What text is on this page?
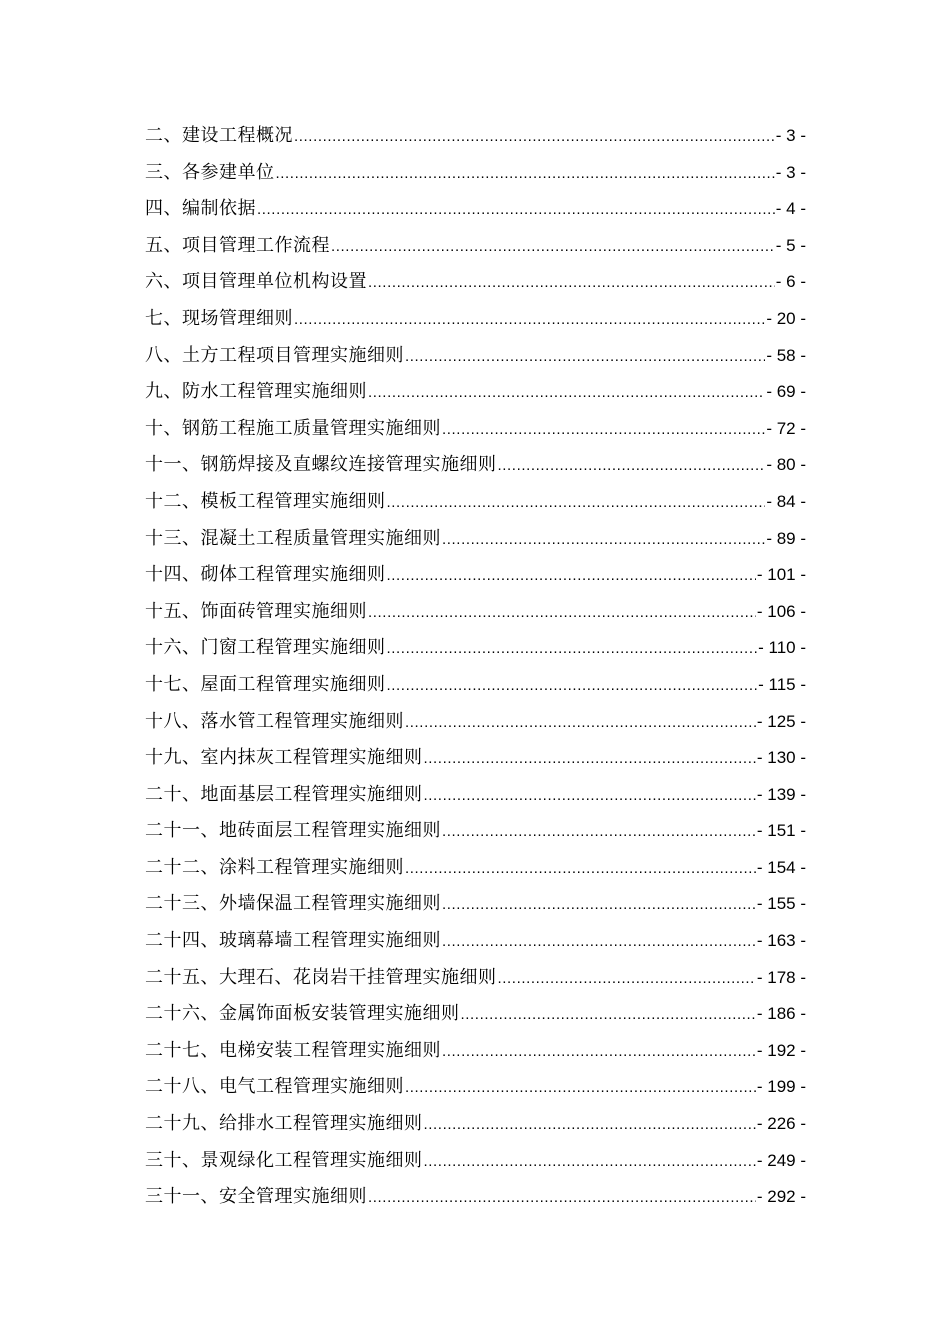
二、建设工程概况 .....	- 3 -
三、各参建单位 .....	- 3 -
四、编制依据 .....	- 4 -
五、项目管理工作流程 .....	- 5 -
六、项目管理单位机构设置 .....	- 6 -
七、现场管理细则 .....	- 20 -
八、土方工程项目管理实施细则 .....	- 58 -
九、防水工程管理实施细则 .....	- 69 -
十、钢筋工程施工质量管理实施细则 .....	- 72 -
十一、钢筋焊接及直螺纹连接管理实施细则 .....	- 80 -
十二、模板工程管理实施细则 .....	- 84 -
十三、混凝土工程质量管理实施细则 .....	- 89 -
十四、砌体工程管理实施细则 .....	- 101 -
十五、饰面砖管理实施细则 .....	- 106 -
十六、门窗工程管理实施细则 .....	- 110 -
十七、屋面工程管理实施细则 .....	- 115 -
十八、落水管工程管理实施细则 .....	- 125 -
十九、室内抹灰工程管理实施细则 .....	- 130 -
二十、地面基层工程管理实施细则 .....	- 139 -
二十一、地砖面层工程管理实施细则 .....	- 151 -
二十二、涂料工程管理实施细则 .....	- 154 -
二十三、外墙保温工程管理实施细则 .....	- 155 -
二十四、玻璃幕墙工程管理实施细则 .....	- 163 -
二十五、大理石、花岗岩干挂管理实施细则 .....	- 178 -
二十六、金属饰面板安装管理实施细则 .....	- 186 -
二十七、电梯安装工程管理实施细则 .....	- 192 -
二十八、电气工程管理实施细则 .....	- 199 -
二十九、给排水工程管理实施细则 .....	- 226 -
三十、景观绿化工程管理实施细则 .....	- 249 -
三十一、安全管理实施细则 .....	- 292 -
